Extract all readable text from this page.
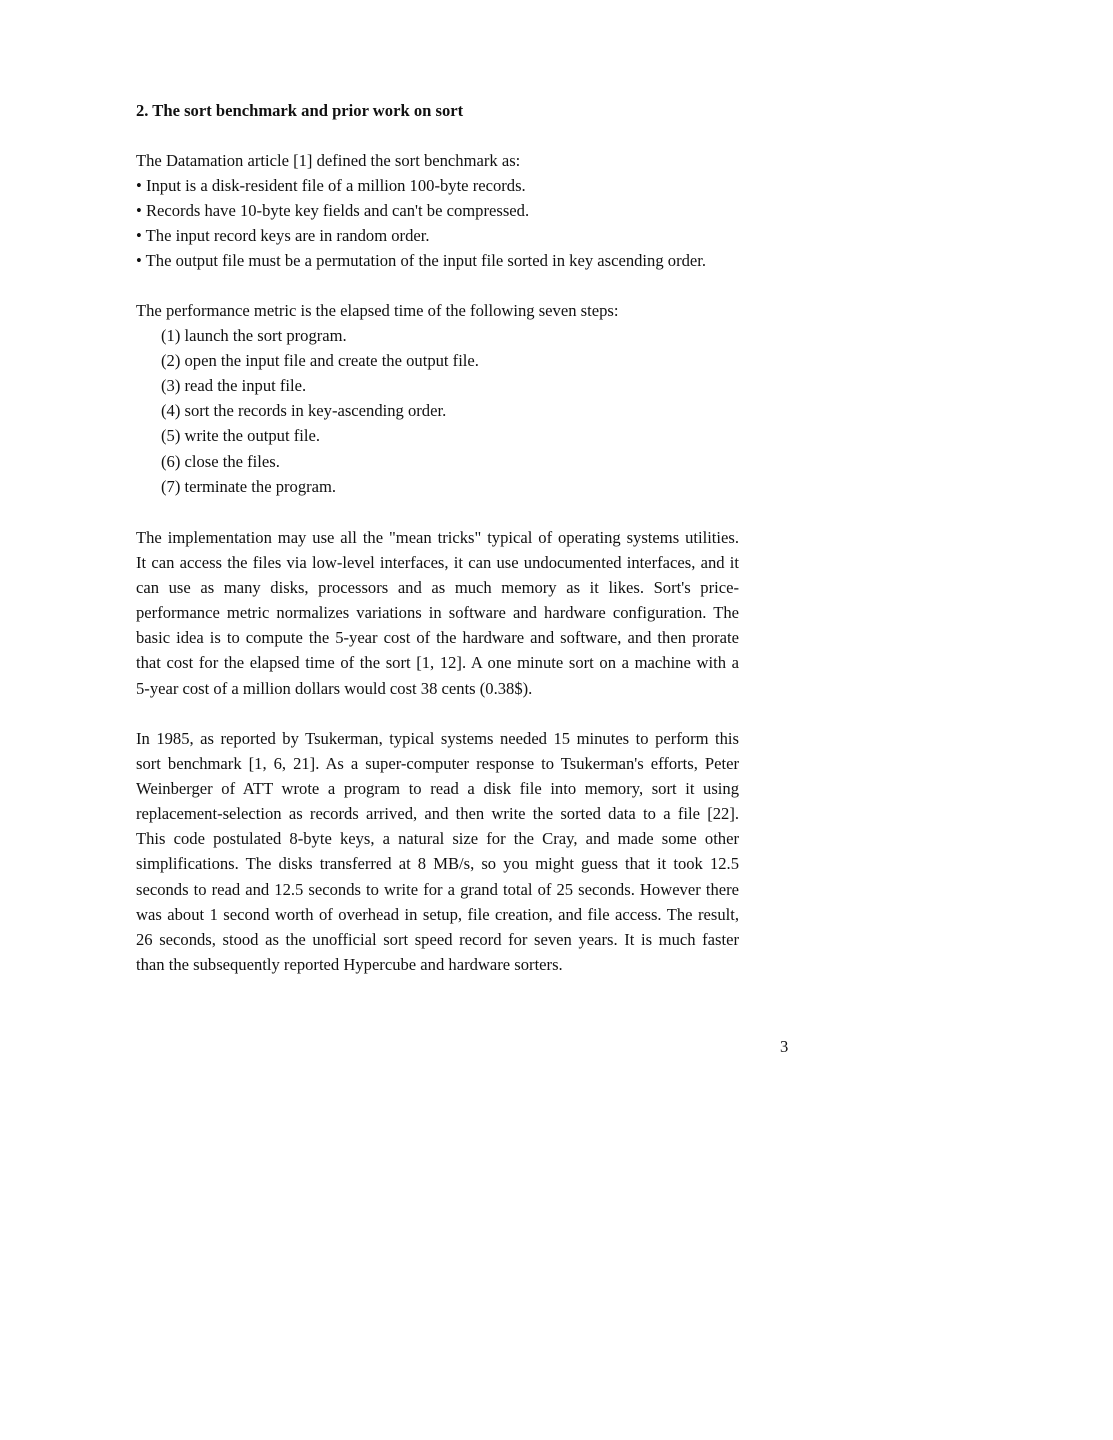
2. The sort benchmark and prior work on sort
The Datamation article [1] defined the sort benchmark as:
• Input is a disk-resident file of a million 100-byte records.
• Records have 10-byte key fields and can't be compressed.
• The input record keys are in random order.
• The output file must be a permutation of the input file sorted in key ascending order.
The performance metric is the elapsed time of the following seven steps:
(1) launch the sort program.
(2) open the input file and create the output file.
(3) read the input file.
(4) sort the records in key-ascending order.
(5) write the output file.
(6) close the files.
(7) terminate the program.
The implementation may use all the "mean tricks" typical of operating systems utilities.
It can access the files via low-level interfaces, it can use undocumented interfaces, and it
can use as many disks, processors and as much memory as it likes. Sort's price-
performance metric normalizes variations in software and hardware configuration. The
basic idea is to compute the 5-year cost of the hardware and software, and then prorate
that cost for the elapsed time of the sort [1, 12]. A one minute sort on a machine with a
5-year cost of a million dollars would cost 38 cents (0.38$).
In 1985, as reported by Tsukerman, typical systems needed 15 minutes to perform this
sort benchmark [1, 6, 21]. As a super-computer response to Tsukerman's efforts, Peter
Weinberger of ATT wrote a program to read a disk file into memory, sort it using
replacement-selection as records arrived, and then write the sorted data to a file [22].
This code postulated 8-byte keys, a natural size for the Cray, and made some other
simplifications. The disks transferred at 8 MB/s, so you might guess that it took 12.5
seconds to read and 12.5 seconds to write for a grand total of 25 seconds. However there
was about 1 second worth of overhead in setup, file creation, and file access. The result,
26 seconds, stood as the unofficial sort speed record for seven years. It is much faster
than the subsequently reported Hypercube and hardware sorters.
3
